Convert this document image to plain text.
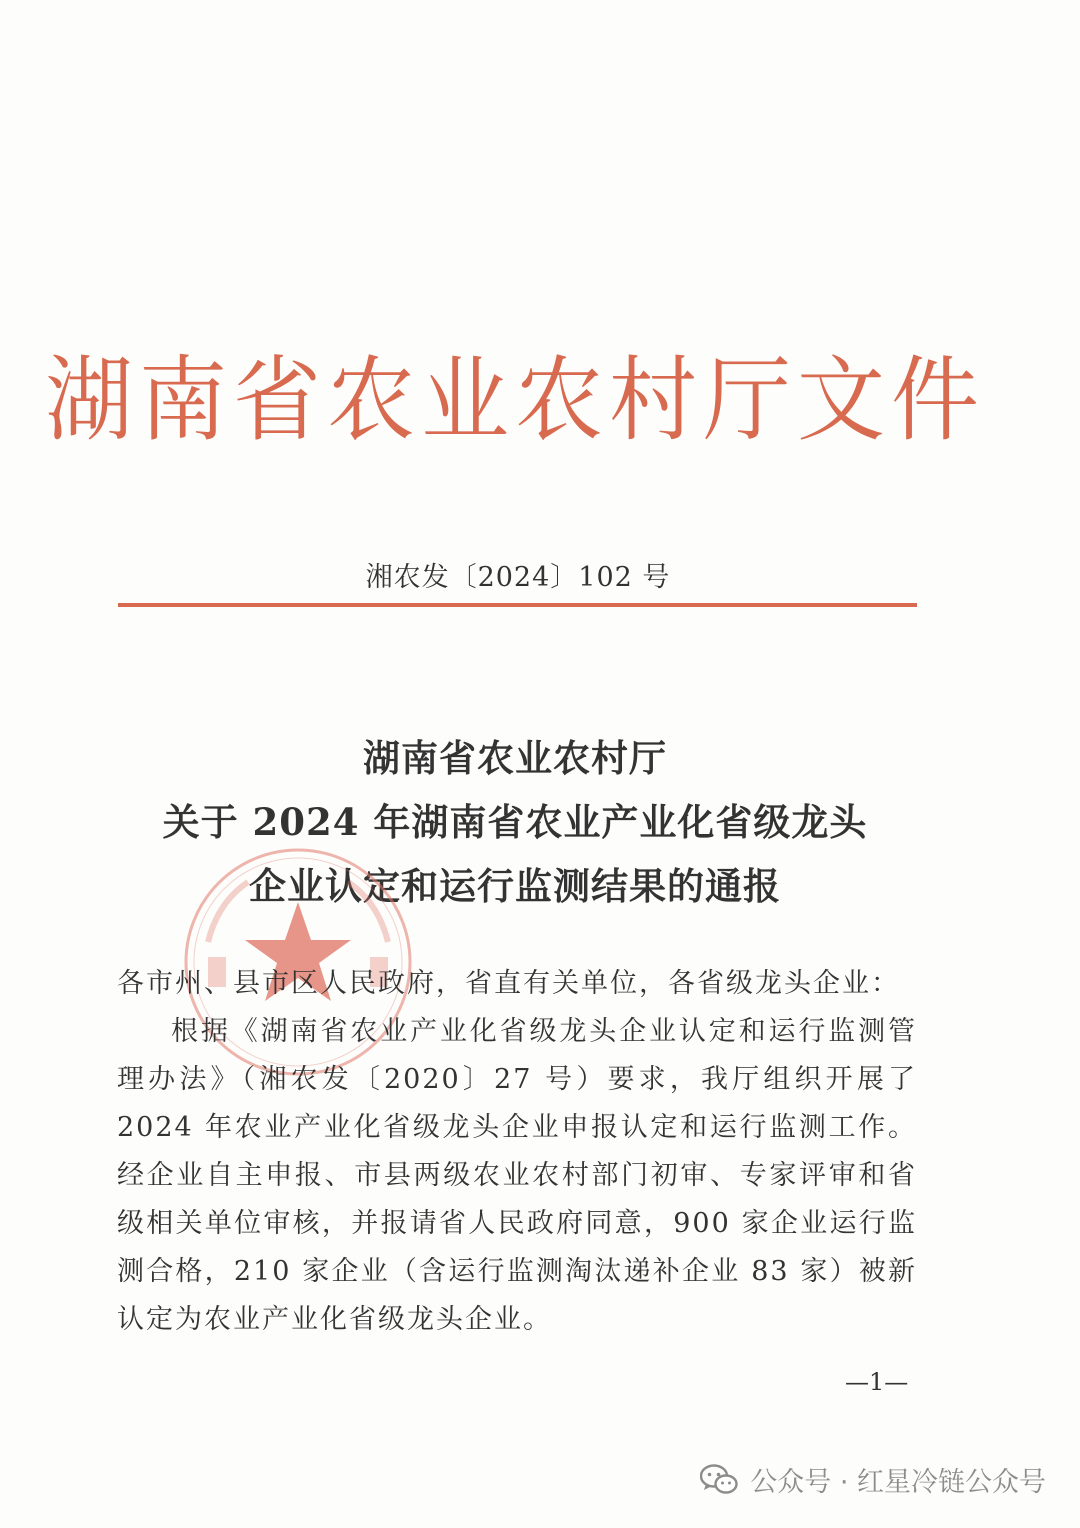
湖南省农业农村厅文件
湘农发〔2024〕102 号
湖南省农业农村厅
关于 2024 年湖南省农业产业化省级龙头
企业认定和运行监测结果的通报
各市州、县市区人民政府，省直有关单位，各省级龙头企业：
根据《湖南省农业产业化省级龙头企业认定和运行监测管理办法》（湘农发〔2020〕27 号）要求，我厅组织开展了 2024 年农业产业化省级龙头企业申报认定和运行监测工作。经企业自主申报、市县两级农业农村部门初审、专家评审和省级相关单位审核，并报请省人民政府同意，900 家企业运行监测合格，210 家企业（含运行监测淘汰递补企业 83 家）被新认定为农业产业化省级龙头企业。
—1—
公众号 · 红星冷链公众号
